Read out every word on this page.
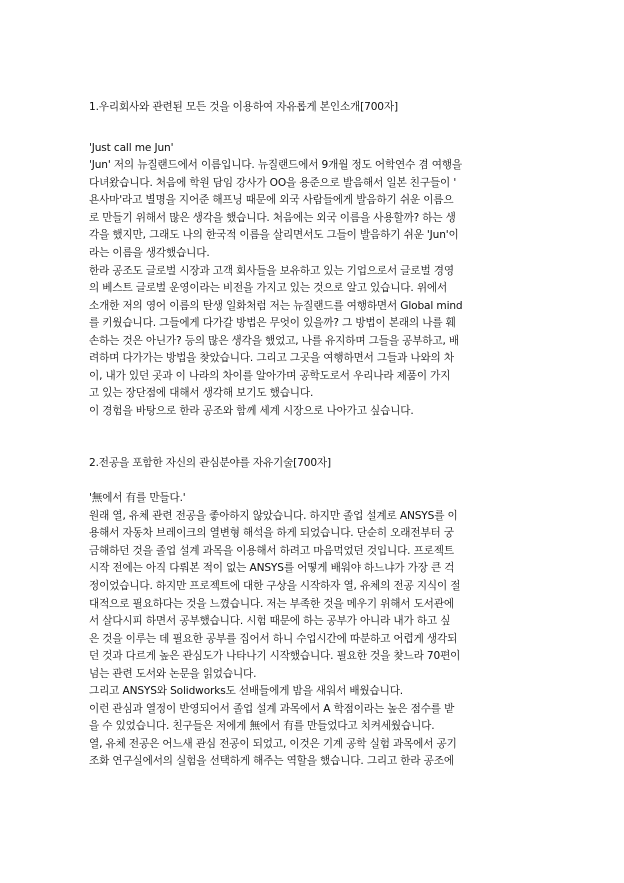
1.우리회사와 관련된 모든 것을 이용하여 자유롭게 본인소개[700자]
'Just call me Jun'
'Jun' 저의 뉴질랜드에서 이름입니다. 뉴질랜드에서 9개월 정도 어학연수 겸 여행을
다녀왔습니다. 처음에 학원 담임 강사가 OO을 용준으로 발음해서 일본 친구들이 '
욘사마'라고 별명을 지어준 해프닝 때문에 외국 사람들에게 발음하기 쉬운 이름으
로 만들기 위해서 많은 생각을 했습니다. 처음에는 외국 이름을 사용할까? 하는 생
각을 했지만, 그래도 나의 한국적 이름을 살리면서도 그들이 발음하기 쉬운 'Jun'이
라는 이름을 생각했습니다.
한라 공조도 글로벌 시장과 고객 회사들을 보유하고 있는 기업으로서 글로벌 경영
의 베스트 글로벌 운영이라는 비전을 가지고 있는 것으로 알고 있습니다. 위에서
소개한 저의 영어 이름의 탄생 일화처럼 저는 뉴질랜드를 여행하면서 Global mind
를 키웠습니다. 그들에게 다가갈 방법은 무엇이 있을까? 그 방법이 본래의 나를 훼
손하는 것은 아닌가? 등의 많은 생각을 했었고, 나를 유지하며 그들을 공부하고, 배
려하며 다가가는 방법을 찾았습니다. 그리고 그곳을 여행하면서 그들과 나와의 차
이, 내가 있던 곳과 이 나라의 차이를 알아가며 공학도로서 우리나라 제품이 가지
고 있는 장단점에 대해서 생각해 보기도 했습니다.
이 경험을 바탕으로 한라 공조와 함께 세계 시장으로 나아가고 싶습니다.
2.전공을 포함한 자신의 관심분야를 자유기술[700자]
'無에서 有를 만들다.'
원래 열, 유체 관련 전공을 좋아하지 않았습니다. 하지만 졸업 설계로 ANSYS를 이
용해서 자동차 브레이크의 열변형 해석을 하게 되었습니다. 단순히 오래전부터 궁
금해하던 것을 졸업 설계 과목을 이용해서 하려고 마음먹었던 것입니다. 프로젝트
시작 전에는 아직 다뤄본 적이 없는 ANSYS를 어떻게 배워야 하느냐가 가장 큰 걱
정이었습니다. 하지만 프로젝트에 대한 구상을 시작하자 열, 유체의 전공 지식이 절
대적으로 필요하다는 것을 느꼈습니다. 저는 부족한 것을 메우기 위해서 도서관에
서 살다시피 하면서 공부했습니다. 시험 때문에 하는 공부가 아니라 내가 하고 싶
은 것을 이루는 데 필요한 공부를 집어서 하니 수업시간에 따분하고 어렵게 생각되
던 것과 다르게 높은 관심도가 나타나기 시작했습니다. 필요한 것을 찾느라 70편이
넘는 관련 도서와 논문을 읽었습니다.
그리고 ANSYS와 Solidworks도 선배들에게 밤을 새워서 배웠습니다.
이런 관심과 열정이 반영되어서 졸업 설계 과목에서 A 학점이라는 높은 점수를 받
을 수 있었습니다. 친구들은 저에게 無에서 有를 만들었다고 치켜세웠습니다.
열, 유체 전공은 어느새 관심 전공이 되었고, 이것은 기계 공학 실험 과목에서 공기
조화 연구실에서의 실험을 선택하게 해주는 역할을 했습니다. 그리고 한라 공조에
